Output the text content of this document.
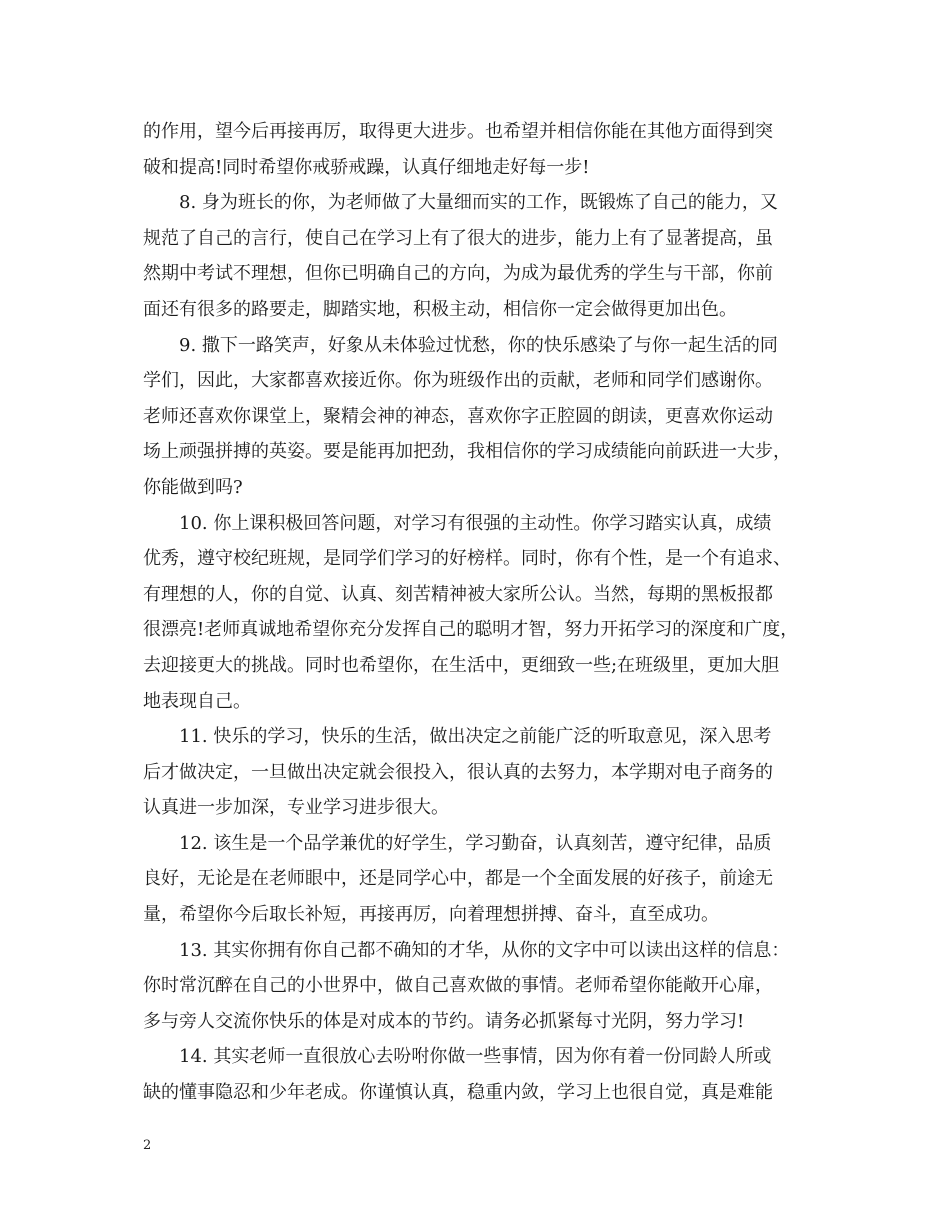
的作用，望今后再接再厉，取得更大进步。也希望并相信你能在其他方面得到突
破和提高!同时希望你戒骄戒躁，认真仔细地走好每一步!
8. 身为班长的你，为老师做了大量细而实的工作，既锻炼了自己的能力，又
规范了自己的言行，使自己在学习上有了很大的进步，能力上有了显著提高，虽
然期中考试不理想，但你已明确自己的方向，为成为最优秀的学生与干部，你前
面还有很多的路要走，脚踏实地，积极主动，相信你一定会做得更加出色。
9. 撒下一路笑声，好象从未体验过忧愁，你的快乐感染了与你一起生活的同
学们，因此，大家都喜欢接近你。你为班级作出的贡献，老师和同学们感谢你。
老师还喜欢你课堂上，聚精会神的神态，喜欢你字正腔圆的朗读，更喜欢你运动
场上顽强拼搏的英姿。要是能再加把劲，我相信你的学习成绩能向前跃进一大步，
你能做到吗?
10. 你上课积极回答问题，对学习有很强的主动性。你学习踏实认真，成绩
优秀，遵守校纪班规，是同学们学习的好榜样。同时，你有个性，是一个有追求、
有理想的人，你的自觉、认真、刻苦精神被大家所公认。当然，每期的黑板报都
很漂亮!老师真诚地希望你充分发挥自己的聪明才智，努力开拓学习的深度和广度，
去迎接更大的挑战。同时也希望你，在生活中，更细致一些;在班级里，更加大胆
地表现自己。
11. 快乐的学习，快乐的生活，做出决定之前能广泛的听取意见，深入思考
后才做决定，一旦做出决定就会很投入，很认真的去努力，本学期对电子商务的
认真进一步加深，专业学习进步很大。
12. 该生是一个品学兼优的好学生，学习勤奋，认真刻苦，遵守纪律，品质
良好，无论是在老师眼中，还是同学心中，都是一个全面发展的好孩子，前途无
量，希望你今后取长补短，再接再厉，向着理想拼搏、奋斗，直至成功。
13. 其实你拥有你自己都不确知的才华，从你的文字中可以读出这样的信息：
你时常沉醉在自己的小世界中，做自己喜欢做的事情。老师希望你能敞开心扉，
多与旁人交流你快乐的体是对成本的节约。请务必抓紧每寸光阴，努力学习!
14. 其实老师一直很放心去吩咐你做一些事情，因为你有着一份同龄人所或
缺的懂事隐忍和少年老成。你谨慎认真，稳重内敛，学习上也很自觉，真是难能
2
